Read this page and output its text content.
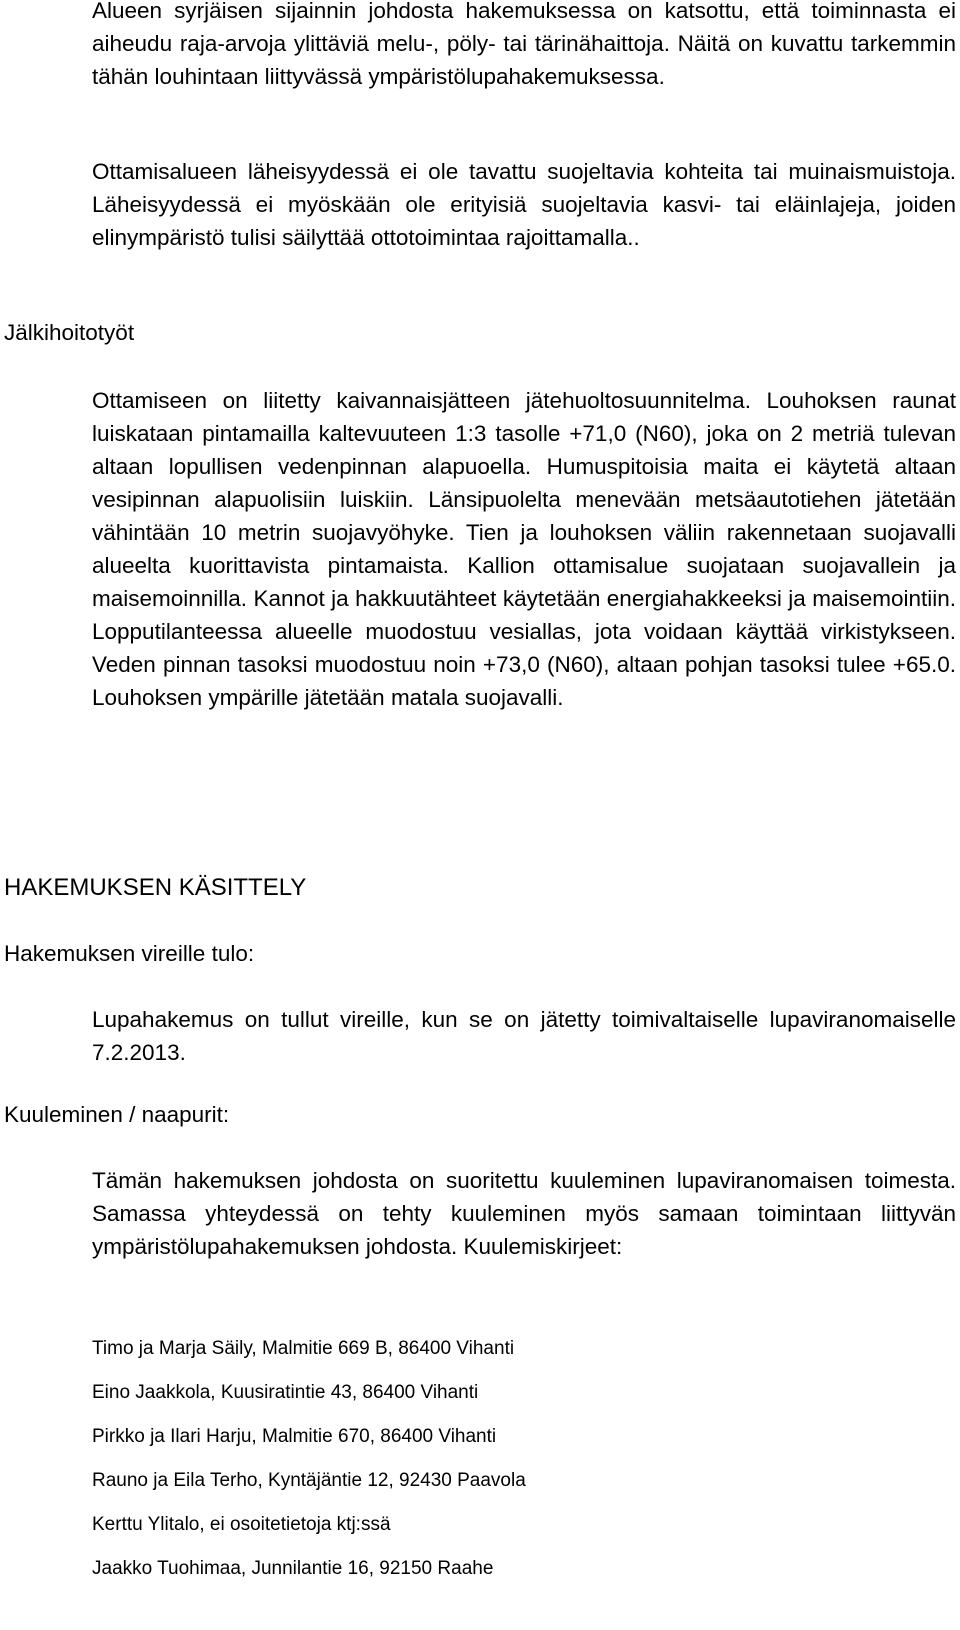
Alueen syrjäisen sijainnin johdosta hakemuksessa on katsottu, että toiminnasta ei aiheudu raja-arvoja ylittäviä melu-, pöly- tai tärinähaittoja. Näitä on kuvattu tarkemmin tähän louhintaan liittyvässä ympäristölupahakemuksessa.

Ottamisalueen läheisyydessä ei ole tavattu suojeltavia kohteita tai muinaismuistoja. Läheisyydessä ei myöskään ole erityisiä suojeltavia kasvi- tai eläinlajeja, joiden elinympäristö tulisi säilyttää ottotoimintaa rajoittamalla..

Jälkihoitotyöt

Ottamiseen on liitetty kaivannaisjätteen jätehuoltosuunnitelma. Louhoksen raunat luiskataan pintamailla kaltevuuteen 1:3 tasolle +71,0 (N60), joka on 2 metriä tulevan altaan lopullisen vedenpinnan alapuoella. Humuspitoisia maita ei käytetä altaan vesipinnan alapuolisiin luiskiin. Länsipuolelta menevään metsäautotiehen jätetään vähintään 10 metrin suojavyöhyke. Tien ja louhoksen väliin rakennetaan suojavalli alueelta kuorittavista pintamaista. Kallion ottamisalue suojataan suojavallein ja maisemoinnilla. Kannot ja hakkuutähteet käytetään energiahakkeeksi ja maisemointiin. Lopputilanteessa alueelle muodostuu vesiallas, jota voidaan käyttää virkistykseen. Veden pinnan tasoksi muodostuu noin +73,0 (N60), altaan pohjan tasoksi tulee +65.0. Louhoksen ympärille jätetään matala suojavalli.

HAKEMUKSEN KÄSITTELY

Hakemuksen vireille tulo:

Lupahakemus on tullut vireille, kun se on jätetty toimivaltaiselle lupaviranomaiselle 7.2.2013.

Kuuleminen / naapurit:

Tämän hakemuksen johdosta on suoritettu kuuleminen lupaviranomaisen toimesta. Samassa yhteydessä on tehty kuuleminen myös samaan toimintaan liittyvän ympäristölupahakemuksen johdosta. Kuulemiskirjeet:

Timo ja Marja Säily, Malmitie 669 B, 86400 Vihanti
Eino Jaakkola, Kuusiratintie 43, 86400 Vihanti
Pirkko ja Ilari Harju, Malmitie 670, 86400 Vihanti
Rauno ja Eila Terho, Kyntäjäntie 12, 92430 Paavola
Kerttu Ylitalo, ei osoitetietoja ktj:ssä
Jaakko Tuohimaa, Junnilantie 16, 92150 Raahe
